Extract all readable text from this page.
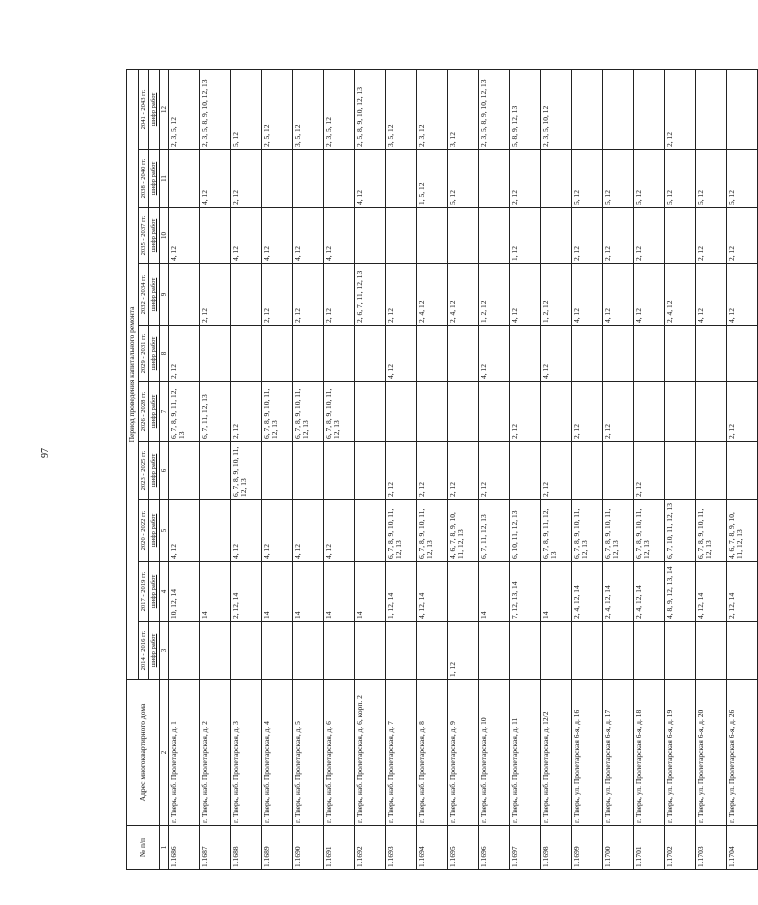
97
№ п/п	Адрес многоквартирного дома	Период проведения капитального ремонта									
		2014 - 2016 гг.	2017 - 2019 гг.	2020 - 2022 гг.	2023 - 2025 гг.	2026 - 2028 гг.	2029 - 2031 гг.	2032 - 2034 гг.	2035 - 2037 гг.	2038 - 2040 гг.	2041 - 2043 гг.
		шифр работ	шифр работ	шифр работ	шифр работ	шифр работ	шифр работ	шифр работ	шифр работ	шифр работ	шифр работ
1	2	3	4	5	6	7	8	9	10	11	12
1.1686	г. Тверь, наб. Пролетарская, д. 1		10, 12, 14	4, 12		6, 7, 8, 9, 11, 12, 13	2, 12		4, 12		2, 3, 5, 12
1.1687	г. Тверь, наб. Пролетарская, д. 2		14			6, 7, 11, 12, 13		2, 12		4, 12	2, 3, 5, 8, 9, 10, 12, 13
1.1688	г. Тверь, наб. Пролетарская, д. 3		2, 12, 14	4, 12	6, 7, 8, 9, 10, 11, 12, 13	2, 12			4, 12	2, 12	5, 12
1.1689	г. Тверь, наб. Пролетарская, д. 4		14	4, 12		6, 7, 8, 9, 10, 11, 12, 13		2, 12	4, 12		2, 5, 12
1.1690	г. Тверь, наб. Пролетарская, д. 5		14	4, 12		6, 7, 8, 9, 10, 11, 12, 13		2, 12	4, 12		3, 5, 12
1.1691	г. Тверь, наб. Пролетарская, д. 6		14	4, 12		6, 7, 8, 9, 10, 11, 12, 13		2, 12	4, 12		2, 3, 5, 12
1.1692	г. Тверь, наб. Пролетарская, д. 6, корп. 2		14					2, 6, 7, 11, 12, 13		4, 12	2, 5, 8, 9, 10, 12, 13
1.1693	г. Тверь, наб. Пролетарская, д. 7		1, 12, 14	6, 7, 8, 9, 10, 11, 12, 13	2, 12		4, 12	2, 12			3, 5, 12
1.1694	г. Тверь, наб. Пролетарская, д. 8		4, 12, 14	6, 7, 8, 9, 10, 11, 12, 13	2, 12			2, 4, 12		1, 5, 12	2, 3, 12
1.1695	г. Тверь, наб. Пролетарская, д. 9	1, 12		4, 6, 7, 8, 9, 10, 11, 12, 13	2, 12			2, 4, 12		5, 12	3, 12
1.1696	г. Тверь, наб. Пролетарская, д. 10		14	6, 7, 11, 12, 13	2, 12		4, 12	1, 2, 12			2, 3, 5, 8, 9, 10, 12, 13
1.1697	г. Тверь, наб. Пролетарская, д. 11		7, 12, 13, 14	6, 10, 11, 12, 13		2, 12		4, 12	1, 12	2, 12	5, 8, 9, 12, 13
1.1698	г. Тверь, наб. Пролетарская, д. 12/2		14	6, 7, 8, 9, 11, 12, 13	2, 12		4, 12	1, 2, 12			2, 3, 5, 10, 12
1.1699	г. Тверь, ул. Пролетарская 6-я, д. 16		2, 4, 12, 14	6, 7, 8, 9, 10, 11, 12, 13		2, 12		4, 12	2, 12	5, 12	
1.1700	г. Тверь, ул. Пролетарская 6-я, д. 17		2, 4, 12, 14	6, 7, 8, 9, 10, 11, 12, 13		2, 12		4, 12	2, 12	5, 12	
1.1701	г. Тверь, ул. Пролетарская 6-я, д. 18		2, 4, 12, 14	6, 7, 8, 9, 10, 11, 12, 13	2, 12			4, 12	2, 12	5, 12	
1.1702	г. Тверь, ул. Пролетарская 6-я, д. 19		4, 8, 9, 12, 13, 14	6, 7, 10, 11, 12, 13				2, 4, 12		5, 12	2, 12
1.1703	г. Тверь, ул. Пролетарская 6-я, д. 20		4, 12, 14	6, 7, 8, 9, 10, 11, 12, 13				4, 12	2, 12	5, 12	
1.1704	г. Тверь, ул. Пролетарская 6-я, д. 26		2, 12, 14	4, 6, 7, 8, 9, 10, 11, 12, 13		2, 12		4, 12	2, 12	5, 12	
